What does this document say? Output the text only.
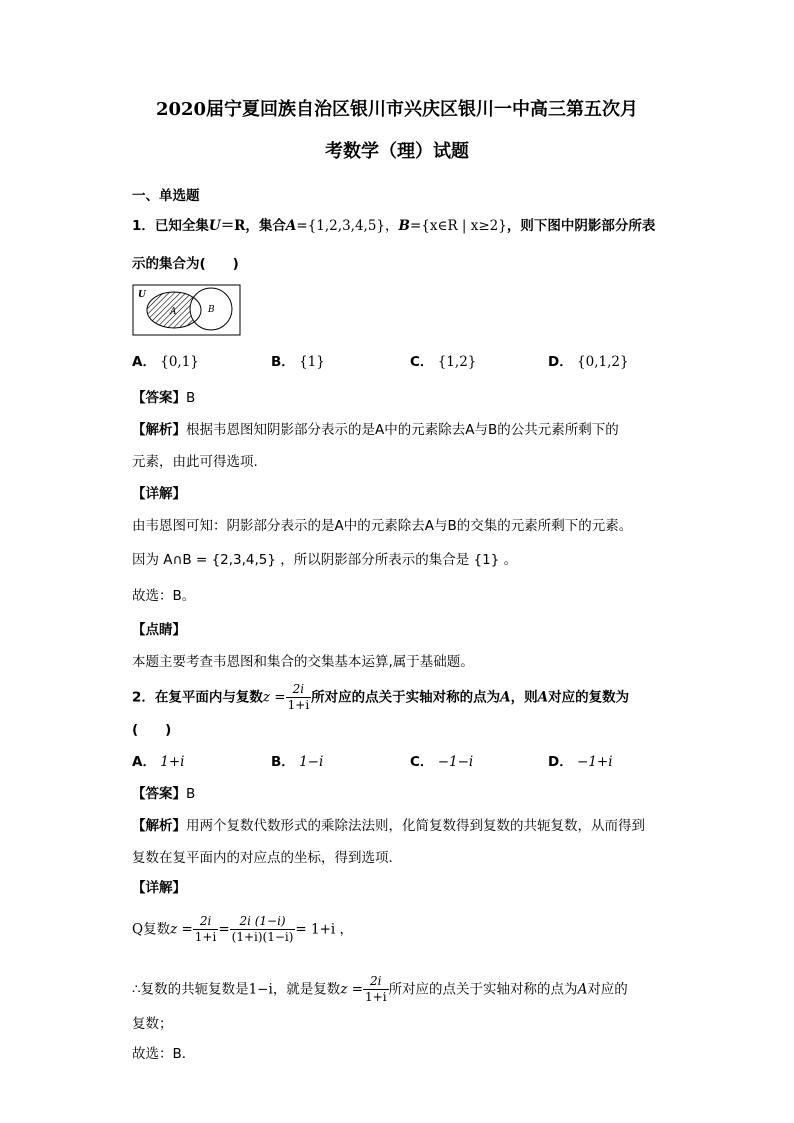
2020届宁夏回族自治区银川市兴庆区银川一中高三第五次月
考数学（理）试题
一、单选题
1．已知全集U＝R，集合A={1,2,3,4,5}，B={x∈R | x≥2}，则下图中阴影部分所表
示的集合为(　　)
U
A	B
A． {0,1}	B． {1}	C． {1,2}	D． {0,1,2}
【答案】B
【解析】根据韦恩图知阴影部分表示的是A中的元素除去A与B的公共元素所剩下的
元素，由此可得选项.
【详解】
由韦恩图可知：阴影部分表示的是A中的元素除去A与B的交集的元素所剩下的元素。
因为 A∩B = {2,3,4,5} ，所以阴影部分所表示的集合是 {1} 。
故选：B。
【点睛】
本题主要考查韦恩图和集合的交集基本运算,属于基础题。
2．在复平面内与复数$z = \frac{2i}{1+i}$ 所对应的点关于实轴对称的点为A，则A对应的复数为
(　　)
A． 1+i	B． 1−i	C． −1−i	D． −1+i
【答案】B
【解析】用两个复数代数形式的乘除法法则，化简复数得到复数的共轭复数，从而得到
复数在复平面内的对应点的坐标，得到选项．
【详解】
Q复数$z = \frac{2i}{1+i} = \frac{2i (1-i)}{(1+i)(1-i)} = 1+i$ ，
∴复数的共轭复数是1−i，就是复数$z = \frac{2i}{1+i}$ 所对应的点关于实轴对称的点为A对应的
复数；
故选：B．
